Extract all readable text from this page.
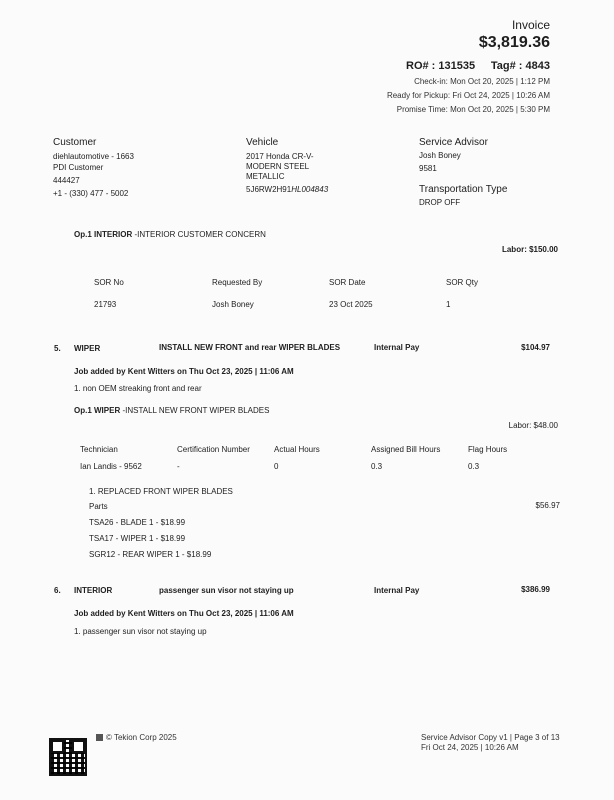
Invoice
$3,819.36
RO# : 131535 Tag# : 4843
Check-in: Mon Oct 20, 2025 | 1:12 PM
Ready for Pickup: Fri Oct 24, 2025 | 10:26 AM
Promise Time: Mon Oct 20, 2025 | 5:30 PM
Customer
diehlautomotive - 1663
PDI Customer
444427
+1 - (330) 477 - 5002
Vehicle
2017 Honda CR-V-
MODERN STEEL
METALLIC
5J6RW2H91HL004843
Service Advisor
Josh Boney
9581
Transportation Type
DROP OFF
Op.1 INTERIOR -INTERIOR CUSTOMER CONCERN
Labor: $150.00
SOR No	Requested By	SOR Date	SOR Qty
21793	Josh Boney	23 Oct 2025	1
5. WIPER	INSTALL NEW FRONT and rear WIPER BLADES	Internal Pay	$104.97
Job added by Kent Witters on Thu Oct 23, 2025 | 11:06 AM
1. non OEM streaking front and rear
Op.1 WIPER -INSTALL NEW FRONT WIPER BLADES
Labor: $48.00
Technician	Certification Number	Actual Hours	Assigned Bill Hours	Flag Hours
Ian Landis - 9562	-	0	0.3	0.3
1. REPLACED FRONT WIPER BLADES
Parts	$56.97
TSA26 - BLADE 1 - $18.99
TSA17 - WIPER 1 - $18.99
SGR12 - REAR WIPER 1 - $18.99
6. INTERIOR	passenger sun visor not staying up	Internal Pay	$386.99
Job added by Kent Witters on Thu Oct 23, 2025 | 11:06 AM
1. passenger sun visor not staying up
© Tekion Corp 2025	Service Advisor Copy v1 | Page 3 of 13
Fri Oct 24, 2025 | 10:26 AM
